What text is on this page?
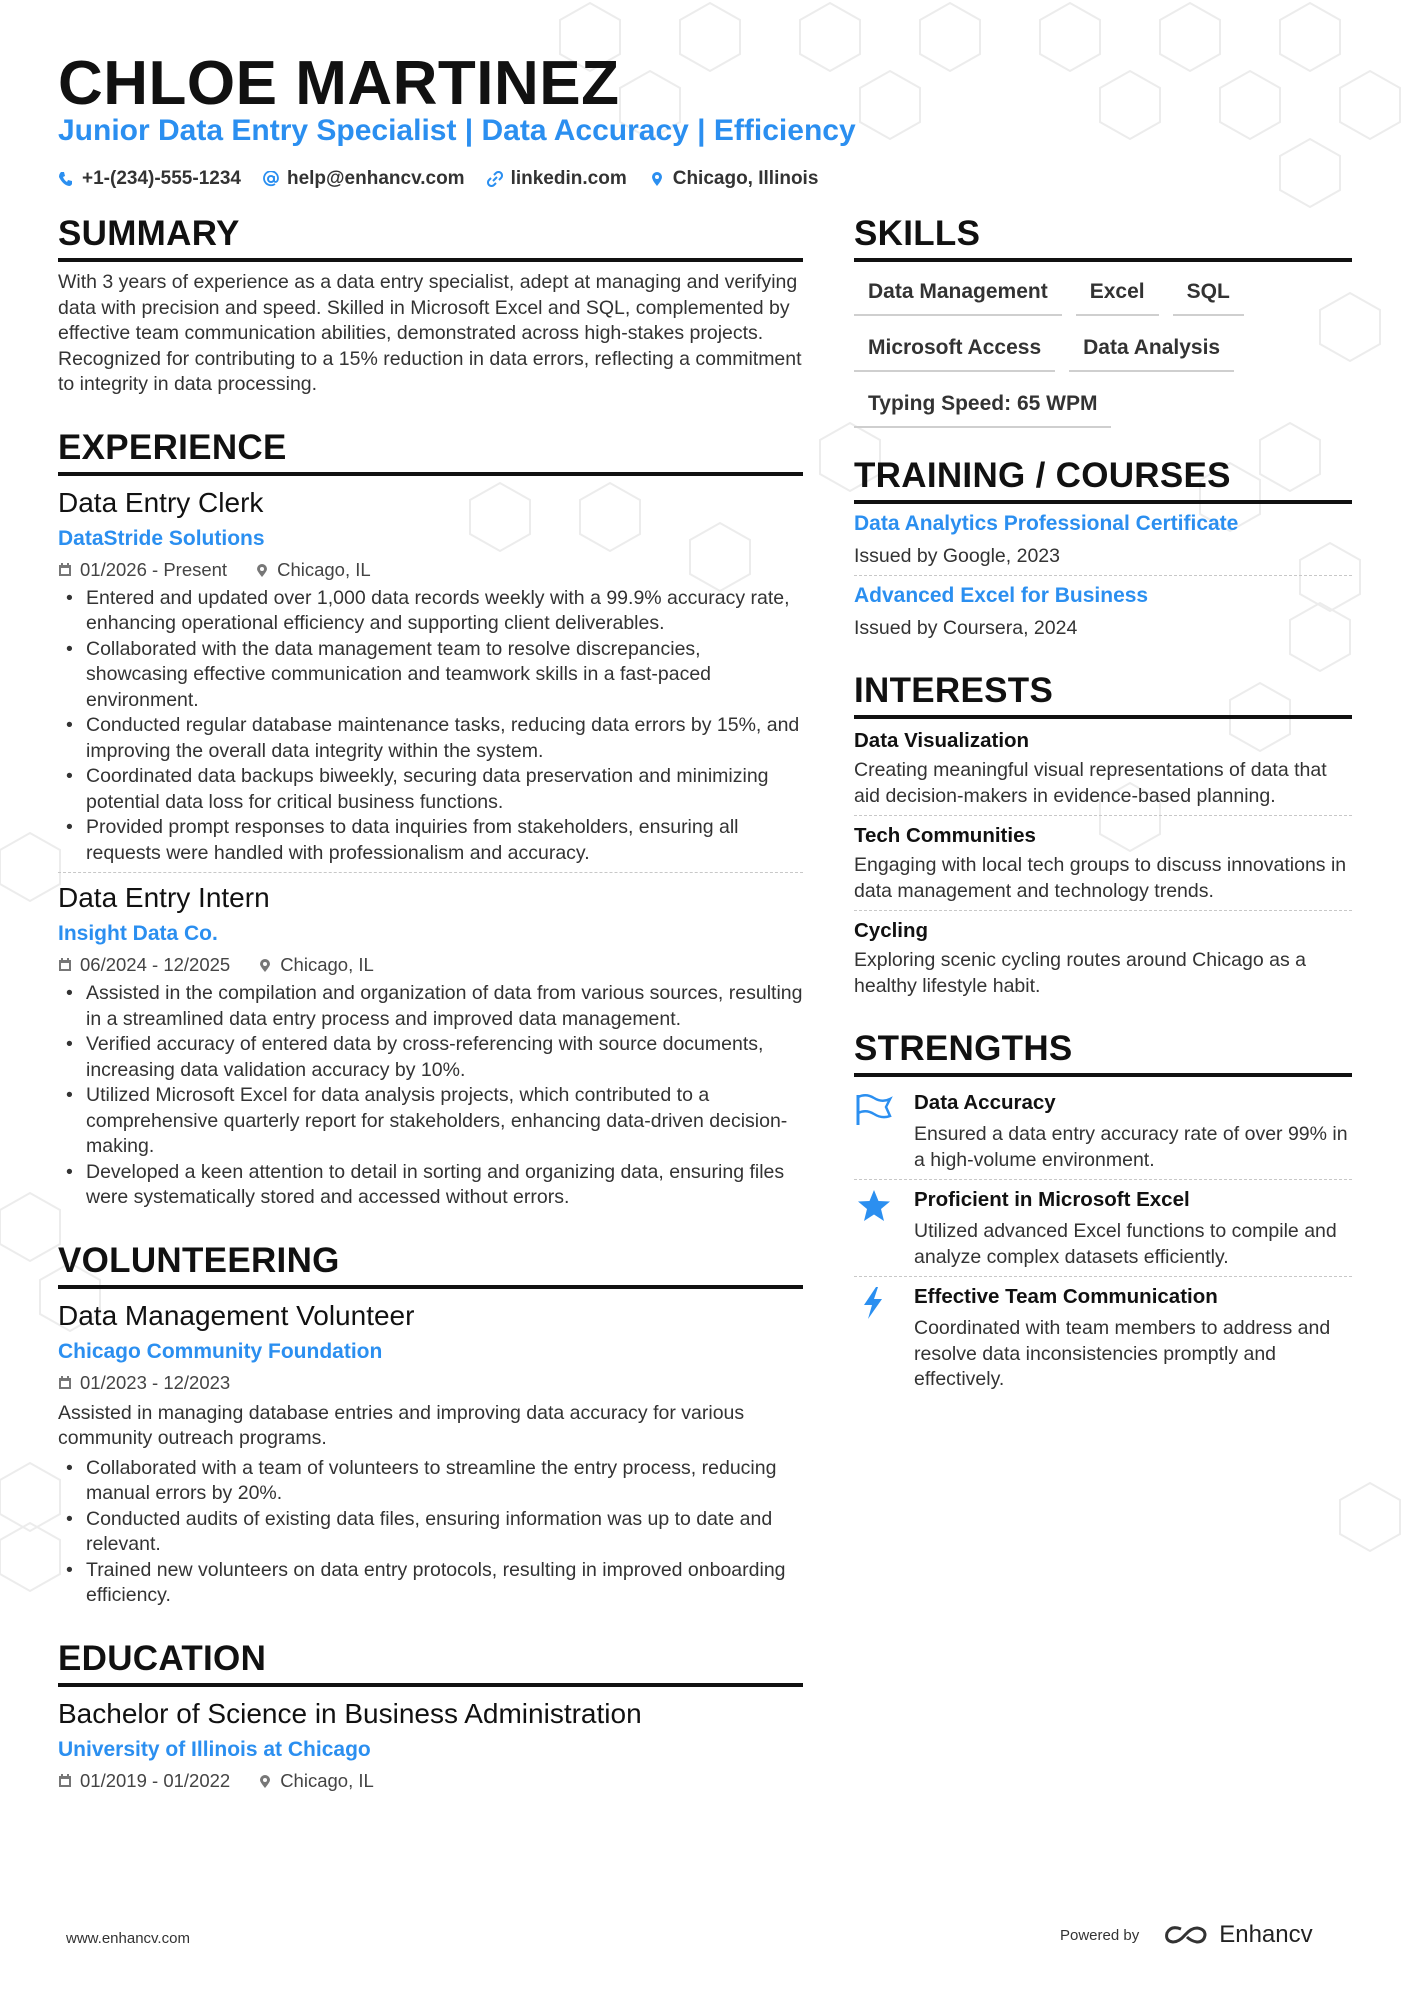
CHLOE MARTINEZ
Junior Data Entry Specialist | Data Accuracy | Efficiency
+1-(234)-555-1234 help@enhancv.com linkedin.com Chicago, Illinois
SUMMARY
With 3 years of experience as a data entry specialist, adept at managing and verifying data with precision and speed. Skilled in Microsoft Excel and SQL, complemented by effective team communication abilities, demonstrated across high-stakes projects. Recognized for contributing to a 15% reduction in data errors, reflecting a commitment to integrity in data processing.
EXPERIENCE
Data Entry Clerk
DataStride Solutions
01/2026 - Present	Chicago, IL
• Entered and updated over 1,000 data records weekly with a 99.9% accuracy rate, enhancing operational efficiency and supporting client deliverables.
• Collaborated with the data management team to resolve discrepancies, showcasing effective communication and teamwork skills in a fast-paced environment.
• Conducted regular database maintenance tasks, reducing data errors by 15%, and improving the overall data integrity within the system.
• Coordinated data backups biweekly, securing data preservation and minimizing potential data loss for critical business functions.
• Provided prompt responses to data inquiries from stakeholders, ensuring all requests were handled with professionalism and accuracy.
Data Entry Intern
Insight Data Co.
06/2024 - 12/2025	Chicago, IL
• Assisted in the compilation and organization of data from various sources, resulting in a streamlined data entry process and improved data management.
• Verified accuracy of entered data by cross-referencing with source documents, increasing data validation accuracy by 10%.
• Utilized Microsoft Excel for data analysis projects, which contributed to a comprehensive quarterly report for stakeholders, enhancing data-driven decision-making.
• Developed a keen attention to detail in sorting and organizing data, ensuring files were systematically stored and accessed without errors.
VOLUNTEERING
Data Management Volunteer
Chicago Community Foundation
01/2023 - 12/2023
Assisted in managing database entries and improving data accuracy for various community outreach programs.
• Collaborated with a team of volunteers to streamline the entry process, reducing manual errors by 20%.
• Conducted audits of existing data files, ensuring information was up to date and relevant.
• Trained new volunteers on data entry protocols, resulting in improved onboarding efficiency.
EDUCATION
Bachelor of Science in Business Administration
University of Illinois at Chicago
01/2019 - 01/2022	Chicago, IL
SKILLS
Data Management	Excel	SQL
Microsoft Access	Data Analysis
Typing Speed: 65 WPM
TRAINING / COURSES
Data Analytics Professional Certificate
Issued by Google, 2023
Advanced Excel for Business
Issued by Coursera, 2024
INTERESTS
Data Visualization
Creating meaningful visual representations of data that aid decision-makers in evidence-based planning.
Tech Communities
Engaging with local tech groups to discuss innovations in data management and technology trends.
Cycling
Exploring scenic cycling routes around Chicago as a healthy lifestyle habit.
STRENGTHS
Data Accuracy
Ensured a data entry accuracy rate of over 99% in a high-volume environment.
Proficient in Microsoft Excel
Utilized advanced Excel functions to compile and analyze complex datasets efficiently.
Effective Team Communication
Coordinated with team members to address and resolve data inconsistencies promptly and effectively.
www.enhancv.com	Powered by	Enhancv
